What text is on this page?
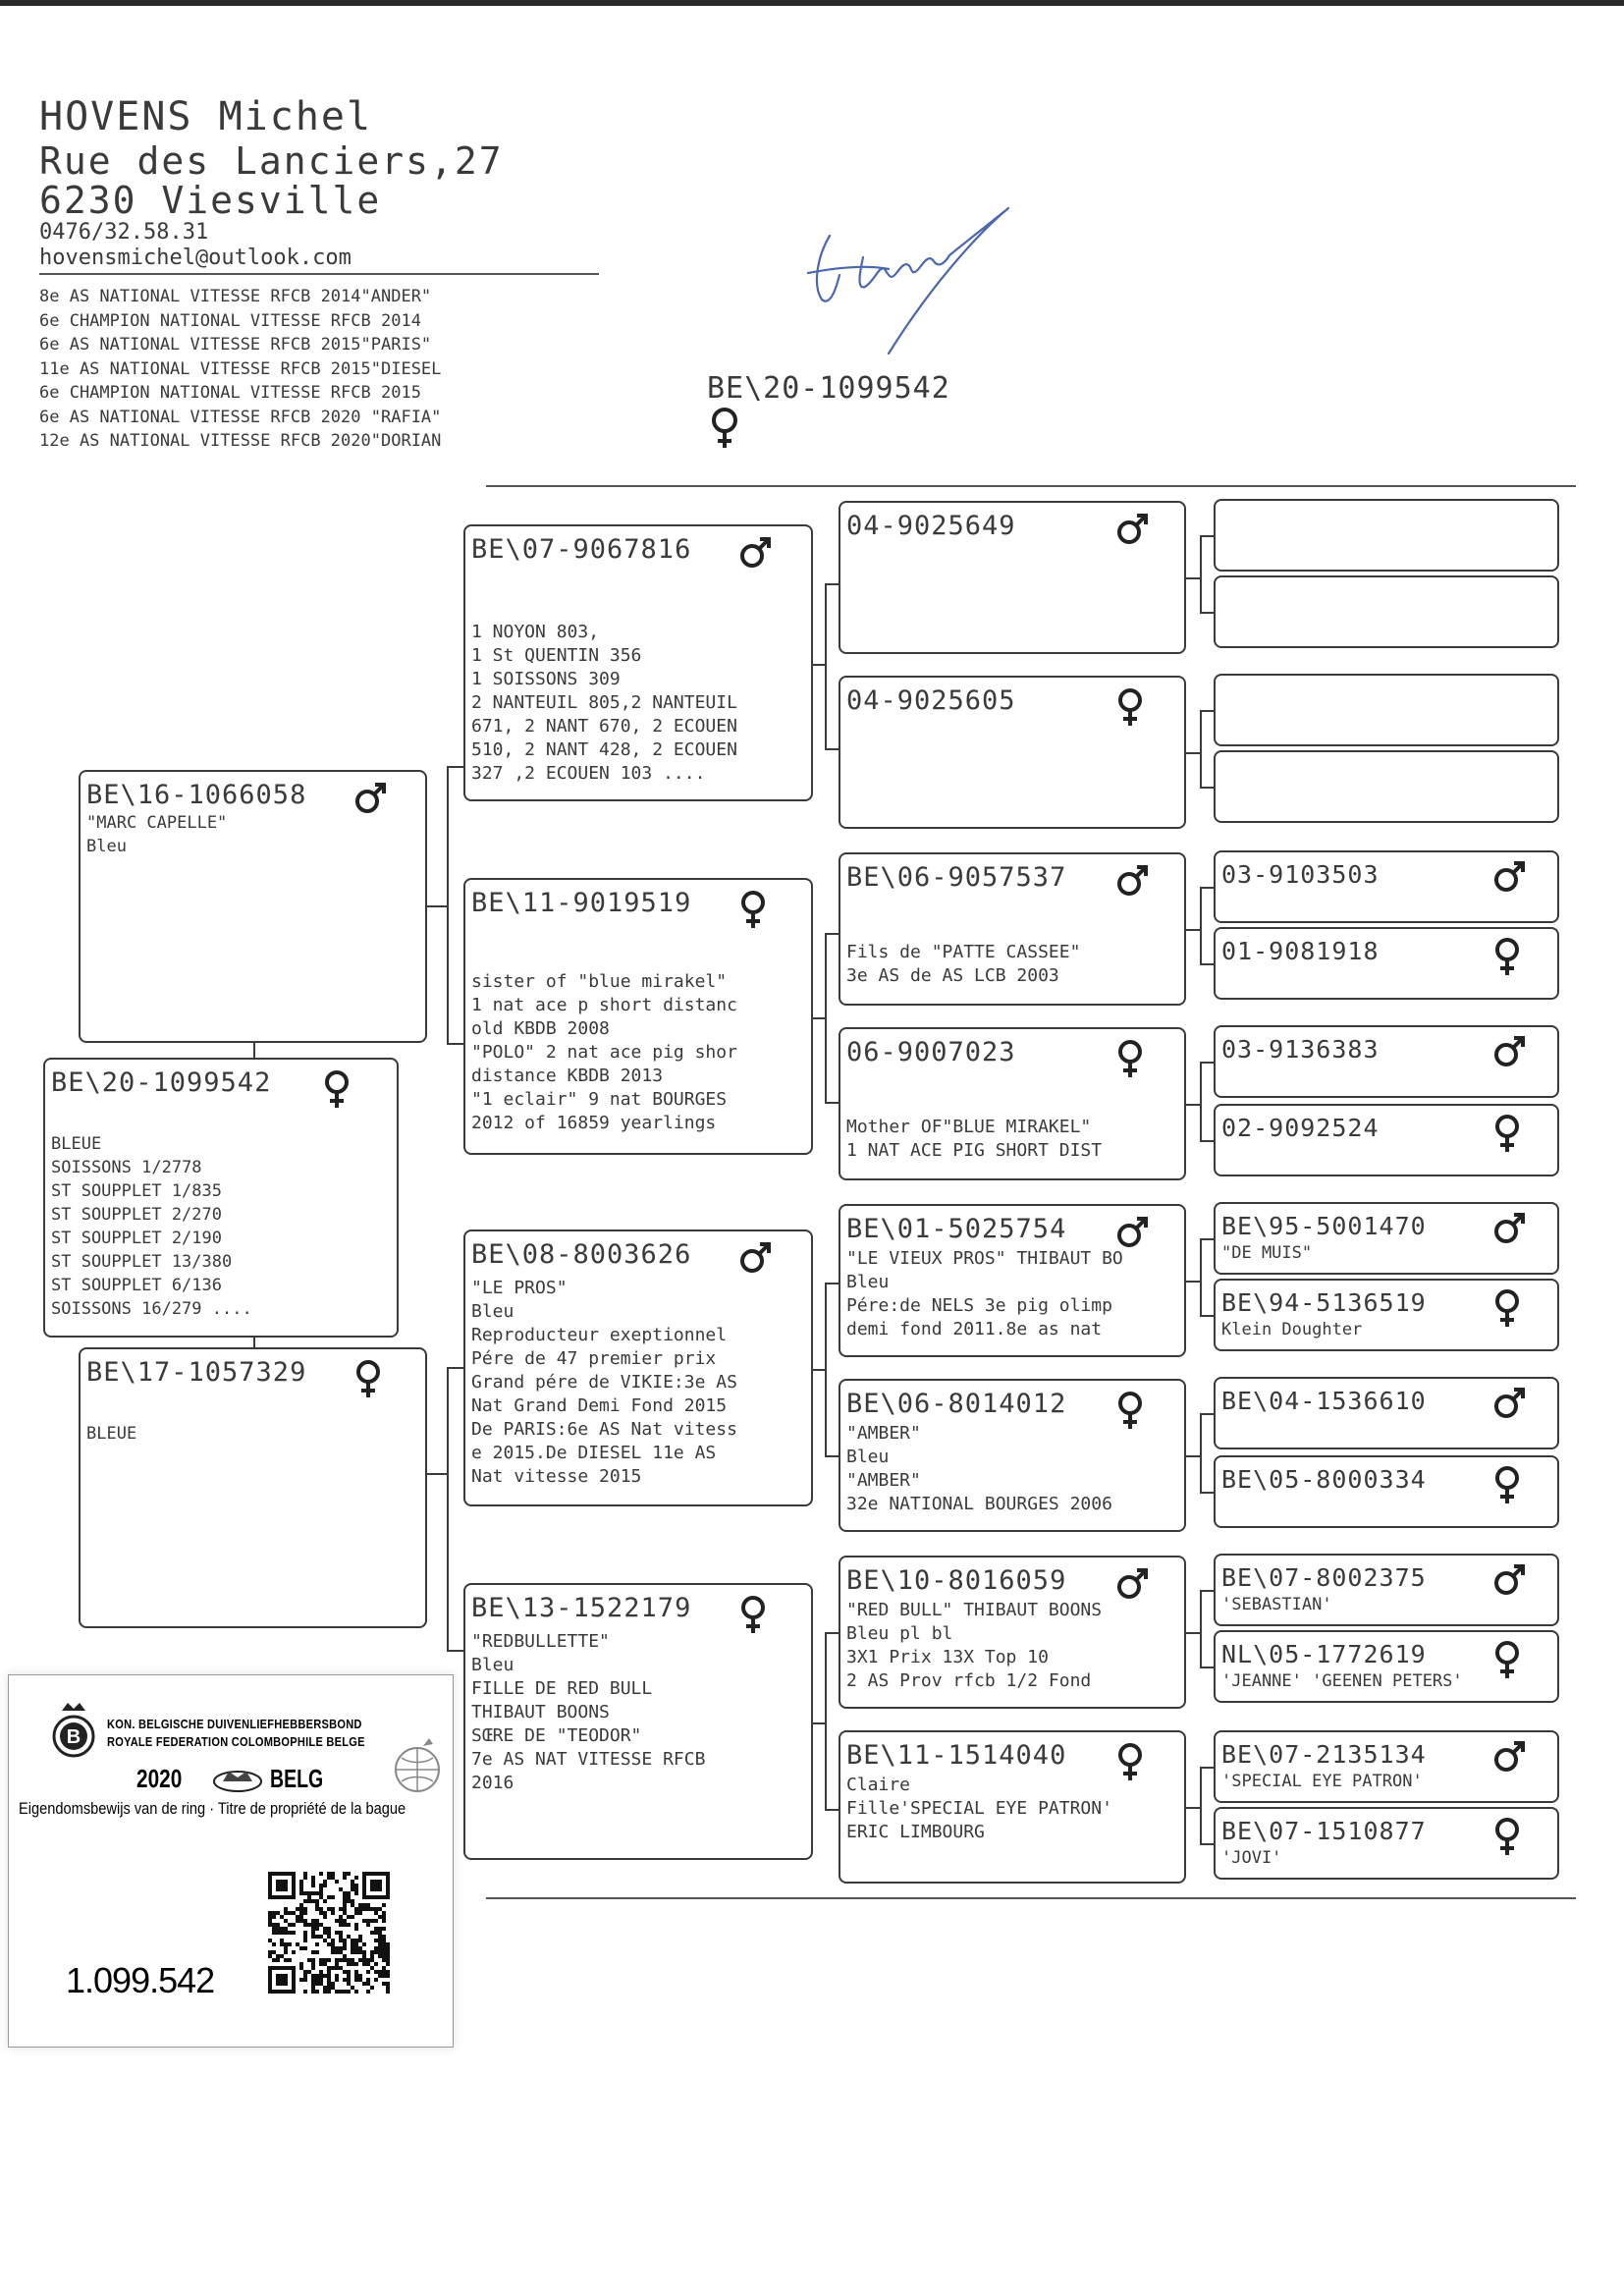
HOVENS Michel
Rue des Lanciers,27
6230 Viesville
0476/32.58.31
hovensmichel@outlook.com
8e AS NATIONAL VITESSE RFCB 2014"ANDER"
6e CHAMPION NATIONAL VITESSE RFCB 2014
6e AS NATIONAL VITESSE RFCB 2015"PARIS"
11e AS NATIONAL VITESSE RFCB 2015"DIESEL
6e CHAMPION NATIONAL VITESSE RFCB 2015
6e AS NATIONAL VITESSE RFCB 2020 "RAFIA"
12e AS NATIONAL VITESSE RFCB 2020"DORIAN
BE\20-1099542
BE\20-1099542
BLEUE
SOISSONS 1/2778
ST SOUPPLET 1/835
ST SOUPPLET 2/270
ST SOUPPLET 2/190
ST SOUPPLET 13/380
ST SOUPPLET 6/136
SOISSONS 16/279 ....
BE\16-1066058
"MARC CAPELLE"
Bleu
BE\17-1057329
BLEUE
BE\07-9067816
1 NOYON 803,
1 St QUENTIN 356
1 SOISSONS 309
2 NANTEUIL 805,2 NANTEUIL
671, 2 NANT 670, 2 ECOUEN
510, 2 NANT 428, 2 ECOUEN
327 ,2 ECOUEN 103 ....
BE\11-9019519
sister of "blue mirakel"
1 nat ace p short distanc
old KBDB 2008
"POLO" 2 nat ace pig shor
distance KBDB 2013
"1 eclair" 9 nat BOURGES
2012 of 16859 yearlings
BE\08-8003626
"LE PROS"
Bleu
Reproducteur exeptionnel
Pére de 47 premier prix
Grand pére de VIKIE:3e AS
Nat Grand Demi Fond 2015
De PARIS:6e AS Nat vitess
e 2015.De DIESEL 11e AS
Nat vitesse 2015
BE\13-1522179
"REDBULLETTE"
Bleu
FILLE DE RED BULL
THIBAUT BOONS
SŒRE DE "TEODOR"
7e AS NAT VITESSE RFCB
2016
04-9025649
04-9025605
BE\06-9057537
Fils de "PATTE CASSEE"
3e AS de AS LCB 2003
06-9007023
Mother OF"BLUE MIRAKEL"
1 NAT ACE PIG SHORT DIST
BE\01-5025754
"LE VIEUX PROS" THIBAUT BO
Bleu
Pére:de NELS 3e pig olimp
demi fond 2011.8e as nat
BE\06-8014012
"AMBER"
Bleu
"AMBER"
32e NATIONAL BOURGES 2006
BE\10-8016059
"RED BULL" THIBAUT BOONS
Bleu pl bl
3X1 Prix 13X Top 10
2 AS Prov rfcb 1/2 Fond
BE\11-1514040
Claire
Fille'SPECIAL EYE PATRON'
ERIC LIMBOURG
03-9103503
01-9081918
03-9136383
02-9092524
BE\95-5001470
"DE MUIS"
BE\94-5136519
Klein Doughter
BE\04-1536610
BE\05-8000334
BE\07-8002375
'SEBASTIAN'
NL\05-1772619
'JEANNE' 'GEENEN PETERS'
BE\07-2135134
'SPECIAL EYE PATRON'
BE\07-1510877
'JOVI'
B
KON. BELGISCHE DUIVENLIEFHEBBERSBOND
ROYALE FEDERATION COLOMBOPHILE BELGE
2020	BELG
Eigendomsbewijs van de ring · Titre de propriété de la bague
1.099.542
